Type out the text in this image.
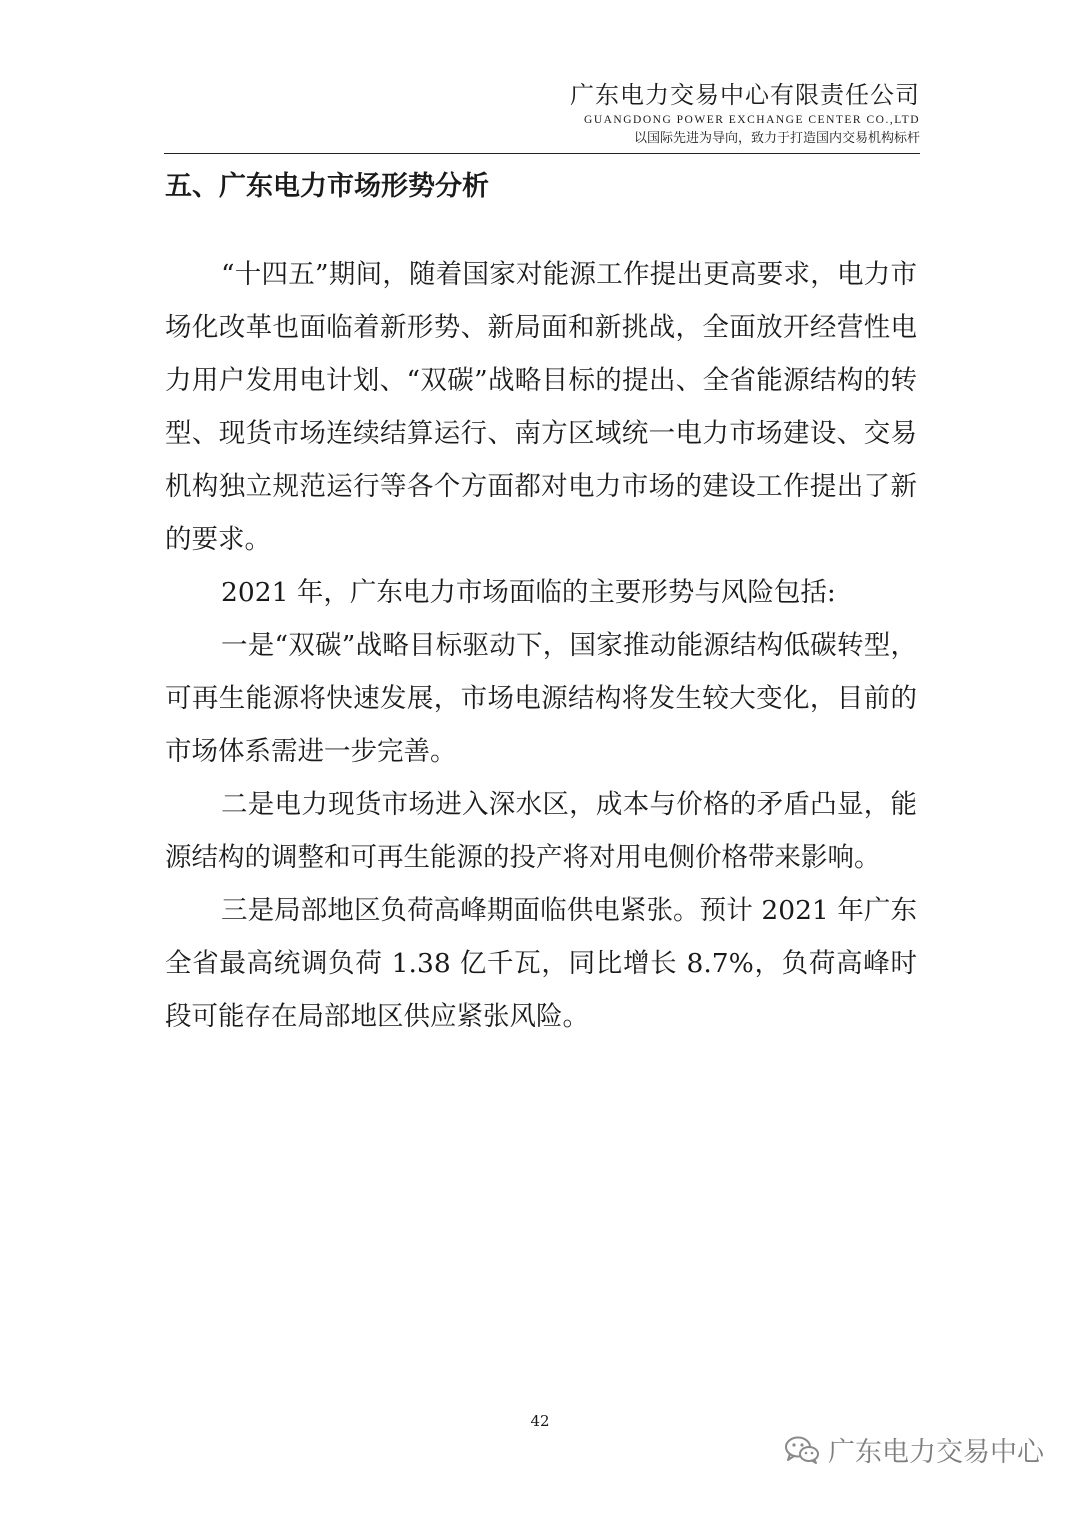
广东电力交易中心有限责任公司
GUANGDONG POWER EXCHANGE CENTER CO.,LTD
以国际先进为导向，致力于打造国内交易机构标杆
五、广东电力市场形势分析

“十四五”期间，随着国家对能源工作提出更高要求，电力市场化改革也面临着新形势、新局面和新挑战，全面放开经营性电力用户发用电计划、“双碳”战略目标的提出、全省能源结构的转型、现货市场连续结算运行、南方区域统一电力市场建设、交易机构独立规范运行等各个方面都对电力市场的建设工作提出了新的要求。

2021 年，广东电力市场面临的主要形势与风险包括:

一是“双碳”战略目标驱动下，国家推动能源结构低碳转型，可再生能源将快速发展，市场电源结构将发生较大变化，目前的市场体系需进一步完善。

二是电力现货市场进入深水区，成本与价格的矛盾凸显，能源结构的调整和可再生能源的投产将对用电侧价格带来影响。

三是局部地区负荷高峰期面临供电紧张。预计 2021 年广东全省最高统调负荷 1.38 亿千瓦，同比增长 8.7%，负荷高峰时段可能存在局部地区供应紧张风险。

42
广东电力交易中心
